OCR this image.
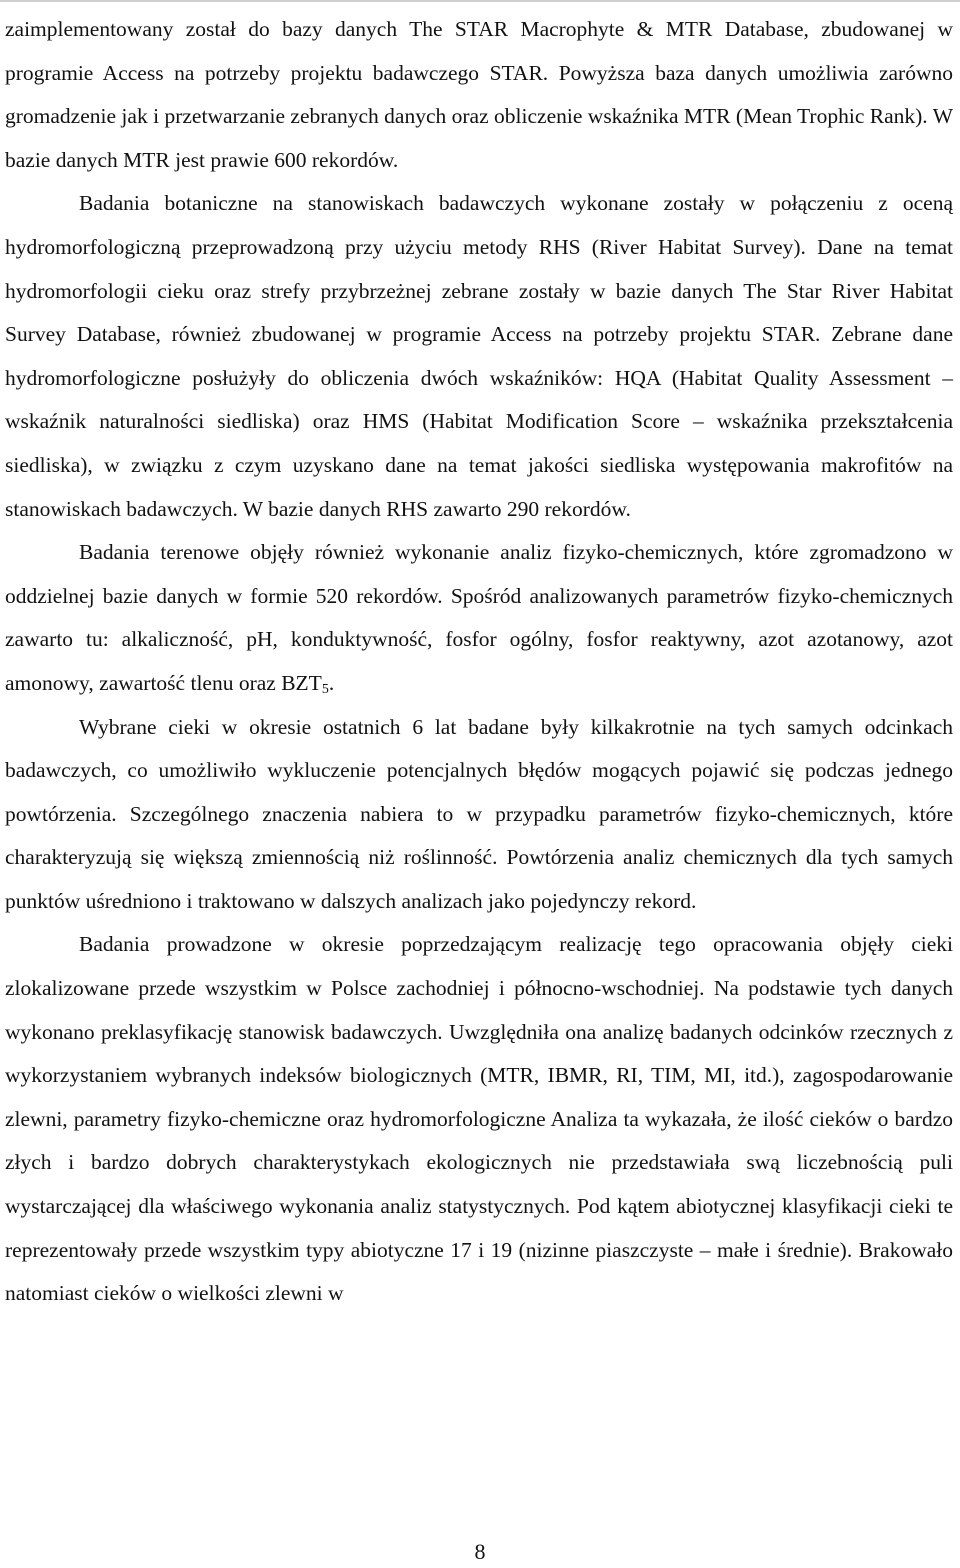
zaimplementowany został do bazy danych The STAR Macrophyte & MTR Database, zbudowanej w programie Access na potrzeby projektu badawczego STAR. Powyższa baza danych umożliwia zarówno gromadzenie jak i przetwarzanie zebranych danych oraz obliczenie wskaźnika MTR (Mean Trophic Rank). W bazie danych MTR jest prawie 600 rekordów.

Badania botaniczne na stanowiskach badawczych wykonane zostały w połączeniu z oceną hydromorfologiczną przeprowadzoną przy użyciu metody RHS (River Habitat Survey). Dane na temat hydromorfologii cieku oraz strefy przybrzeżnej zebrane zostały w bazie danych The Star River Habitat Survey Database, również zbudowanej w programie Access na potrzeby projektu STAR. Zebrane dane hydromorfologiczne posłużyły do obliczenia dwóch wskaźników: HQA (Habitat Quality Assessment – wskaźnik naturalności siedliska) oraz HMS (Habitat Modification Score – wskaźnika przekształcenia siedliska), w związku z czym uzyskano dane na temat jakości siedliska występowania makrofitów na stanowiskach badawczych. W bazie danych RHS zawarto 290 rekordów.

Badania terenowe objęły również wykonanie analiz fizyko-chemicznych, które zgromadzono w oddzielnej bazie danych w formie 520 rekordów. Spośród analizowanych parametrów fizyko-chemicznych zawarto tu: alkaliczność, pH, konduktywność, fosfor ogólny, fosfor reaktywny, azot azotanowy, azot amonowy, zawartość tlenu oraz $BZT_5$.

Wybrane cieki w okresie ostatnich 6 lat badane były kilkakrotnie na tych samych odcinkach badawczych, co umożliwiło wykluczenie potencjalnych błędów mogących pojawić się podczas jednego powtórzenia. Szczególnego znaczenia nabiera to w przypadku parametrów fizyko-chemicznych, które charakteryzują się większą zmiennością niż roślinność. Powtórzenia analiz chemicznych dla tych samych punktów uśredniono i traktowano w dalszych analizach jako pojedynczy rekord.

Badania prowadzone w okresie poprzedzającym realizację tego opracowania objęły cieki zlokalizowane przede wszystkim w Polsce zachodniej i północno-wschodniej. Na podstawie tych danych wykonano preklasyfikację stanowisk badawczych. Uwzględniła ona analizę badanych odcinków rzecznych z wykorzystaniem wybranych indeksów biologicznych (MTR, IBMR, RI, TIM, MI, itd.), zagospodarowanie zlewni, parametry fizyko-chemiczne oraz hydromorfologiczne Analiza ta wykazała, że ilość cieków o bardzo złych i bardzo dobrych charakterystykach ekologicznych nie przedstawiała swą liczebnością puli wystarczającej dla właściwego wykonania analiz statystycznych. Pod kątem abiotycznej klasyfikacji cieki te reprezentowały przede wszystkim typy abiotyczne 17 i 19 (nizinne piaszczyste – małe i średnie). Brakowało natomiast cieków o wielkości zlewni w

8
